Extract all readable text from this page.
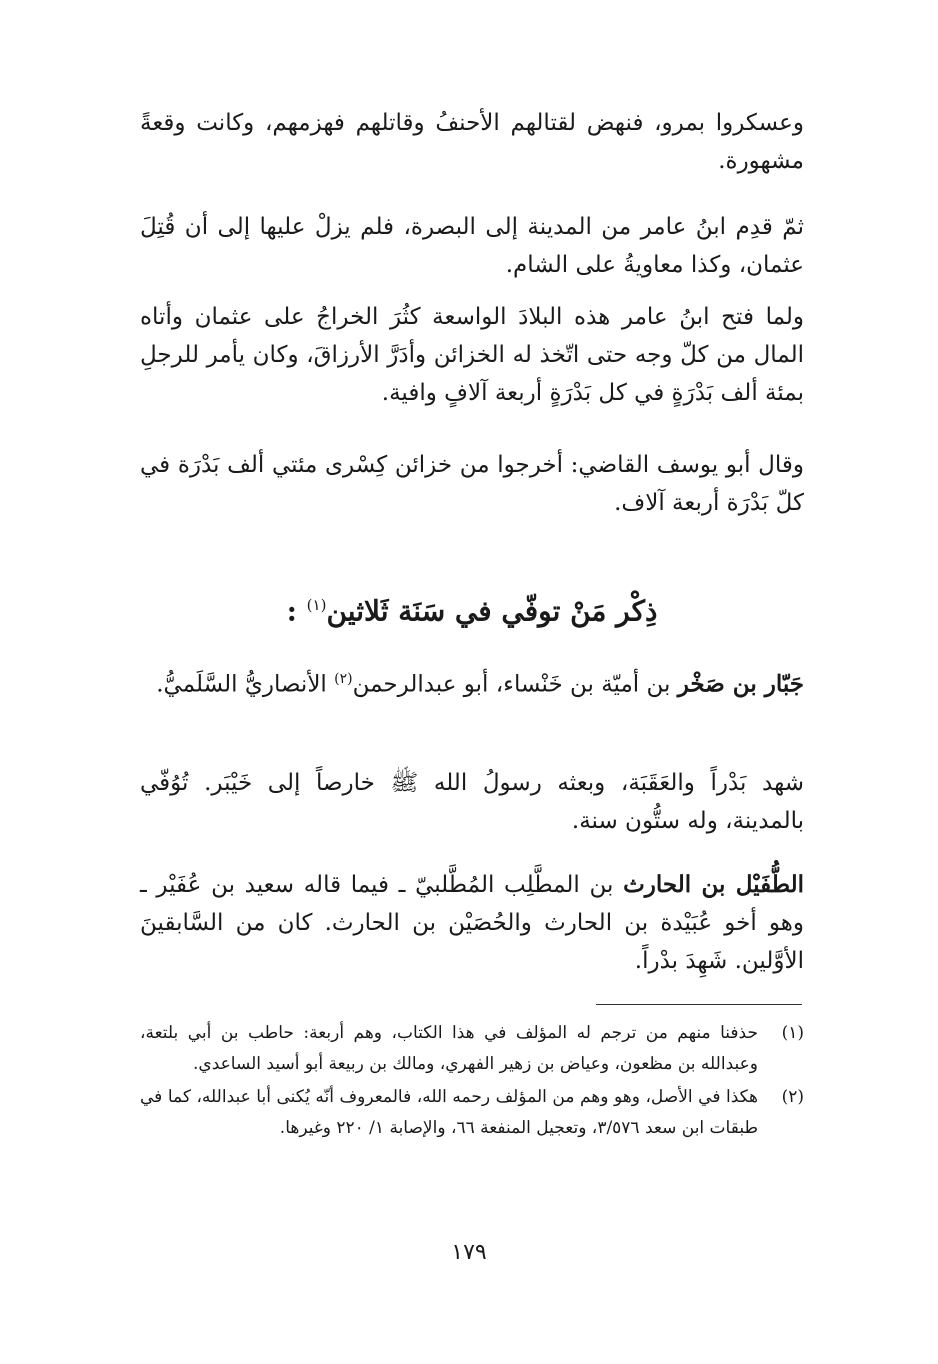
وعسكروا بمرو، فنهض لقتالهم الأحنفُ وقاتلهم فهزمهم، وكانت وقعةً مشهورة.

ثمّ قدِم ابنُ عامر من المدينة إلى البصرة، فلم يزلْ عليها إلى أن قُتِلَ عثمان، وكذا معاويةُ على الشام.

ولما فتح ابنُ عامر هذه البلادَ الواسعة كثُرَ الخراجُ على عثمان وأتاه المال من كلّ وجه حتى اتّخذ له الخزائن وأدَرَّ الأرزاقَ، وكان يأمر للرجلِ بمئة ألف بَدْرَةٍ في كل بَدْرَةٍ أربعة آلافٍ وافية.

وقال أبو يوسف القاضي: أخرجوا من خزائن كِسْرى مئتي ألف بَدْرَة في كلّ بَدْرَة أربعة آلاف.

ذِكْر مَنْ توفّي في سَنَة ثَلاثين$^{(١)}$ :

جَبّار بن صَخْر بن أميّة بن خَنْساء، أبو عبدالرحمن$^{(٢)}$ الأنصاريُّ السَّلَميُّ.

شهد بَدْراً والعَقَبَة، وبعثه رسولُ الله ﷺ خارصاً إلى خَيْبَر. تُوُفّي بالمدينة، وله ستُّون سنة.

الطُّفَيْل بن الحارث بن المطَّلِب المُطَّلبيّ ـ فيما قاله سعيد بن عُفَيْر ـ وهو أخو عُبَيْدة بن الحارث والحُصَيْن بن الحارث. كان من السَّابقينَ الأوَّلين. شَهِدَ بدْراً.

(١)
حذفنا منهم من ترجم له المؤلف في هذا الكتاب، وهم أربعة: حاطب بن أبي بلتعة، وعبدالله بن مظعون، وعياض بن زهير الفهري، ومالك بن ربيعة أبو أسيد الساعدي.
(٢)
هكذا في الأصل، وهو وهم من المؤلف رحمه الله، فالمعروف أنّه يُكنى أبا عبدالله، كما في طبقات ابن سعد ٣/٥٧٦، وتعجيل المنفعة ٦٦، والإصابة ١/ ٢٢٠ وغيرها.
١٧٩
